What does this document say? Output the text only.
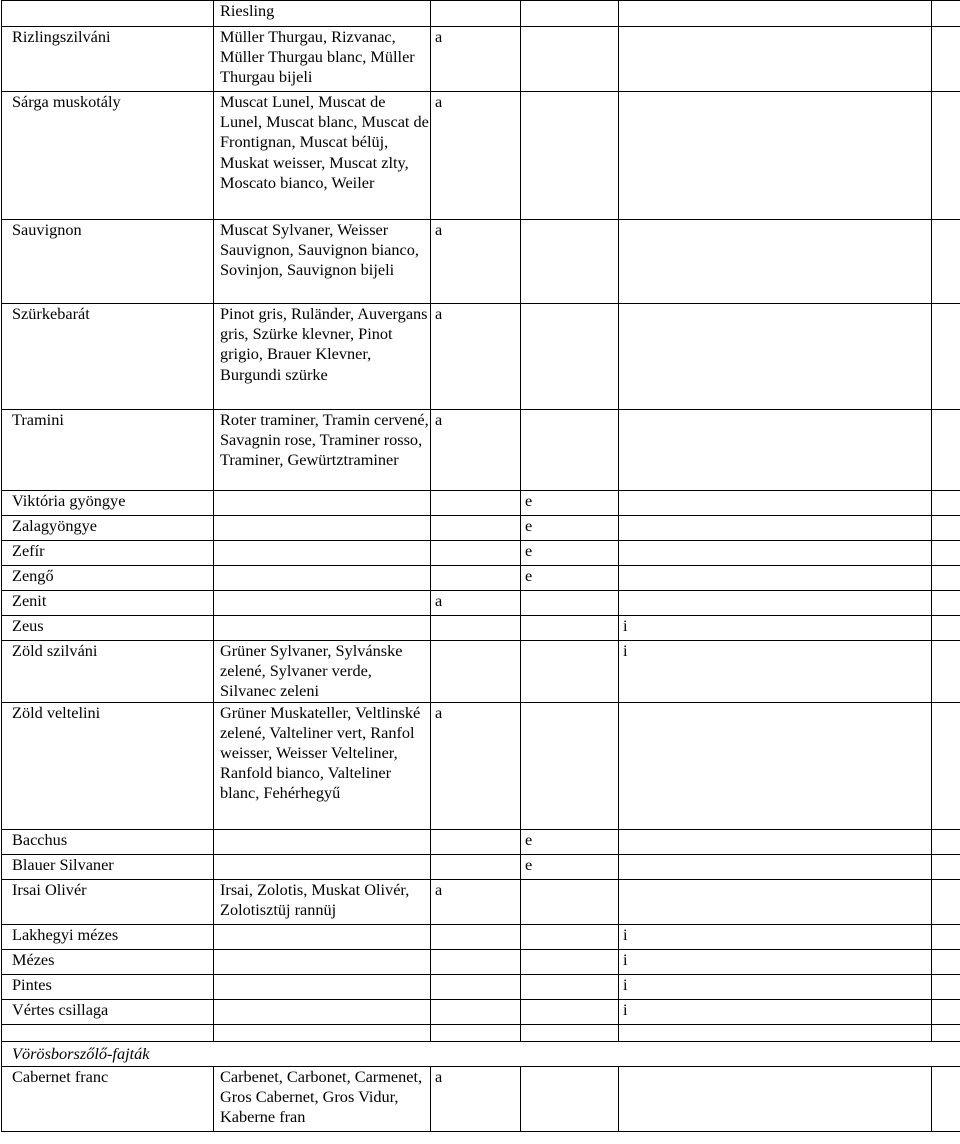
	Riesling				
Rizlingszilváni	Müller Thurgau, Rizvanac, Müller Thurgau blanc, Müller Thurgau bijeli	a			
Sárga muskotály	Muscat Lunel, Muscat de Lunel, Muscat blanc, Muscat de Frontignan, Muscat bélüj, Muskat weisser, Muscat zlty, Moscato bianco, Weiler	a			
Sauvignon	Muscat Sylvaner, Weisser Sauvignon, Sauvignon bianco, Sovinjon, Sauvignon bijeli	a			
Szürkebarát	Pinot gris, Ruländer, Auvergans gris, Szürke klevner, Pinot grigio, Brauer Klevner, Burgundi szürke	a			
Tramini	Roter traminer, Tramin cervené, Savagnin rose, Traminer rosso, Traminer, Gewürtztraminer	a			
Viktória gyöngye			e		
Zalagyöngye			e		
Zefír			e		
Zengő			e		
Zenit		a			
Zeus				i	
Zöld szilváni	Grüner Sylvaner, Sylvánske zelené, Sylvaner verde, Silvanec zeleni			i	
Zöld veltelini	Grüner Muskateller, Veltlinské zelené, Valteliner vert, Ranfol weisser, Weisser Velteliner, Ranfold bianco, Valteliner blanc, Fehérhegyű	a			
Bacchus			e		
Blauer Silvaner			e		
Irsai Olivér	Irsai, Zolotis, Muskat Olivér, Zolotisztüj rannüj	a			
Lakhegyi mézes				i	
Mézes				i	
Pintes				i	
Vértes csillaga				i	

Vörösborszőlő-fajták					
Cabernet franc	Carbenet, Carbonet, Carmenet, Gros Cabernet, Gros Vidur, Kaberne fran	a			
